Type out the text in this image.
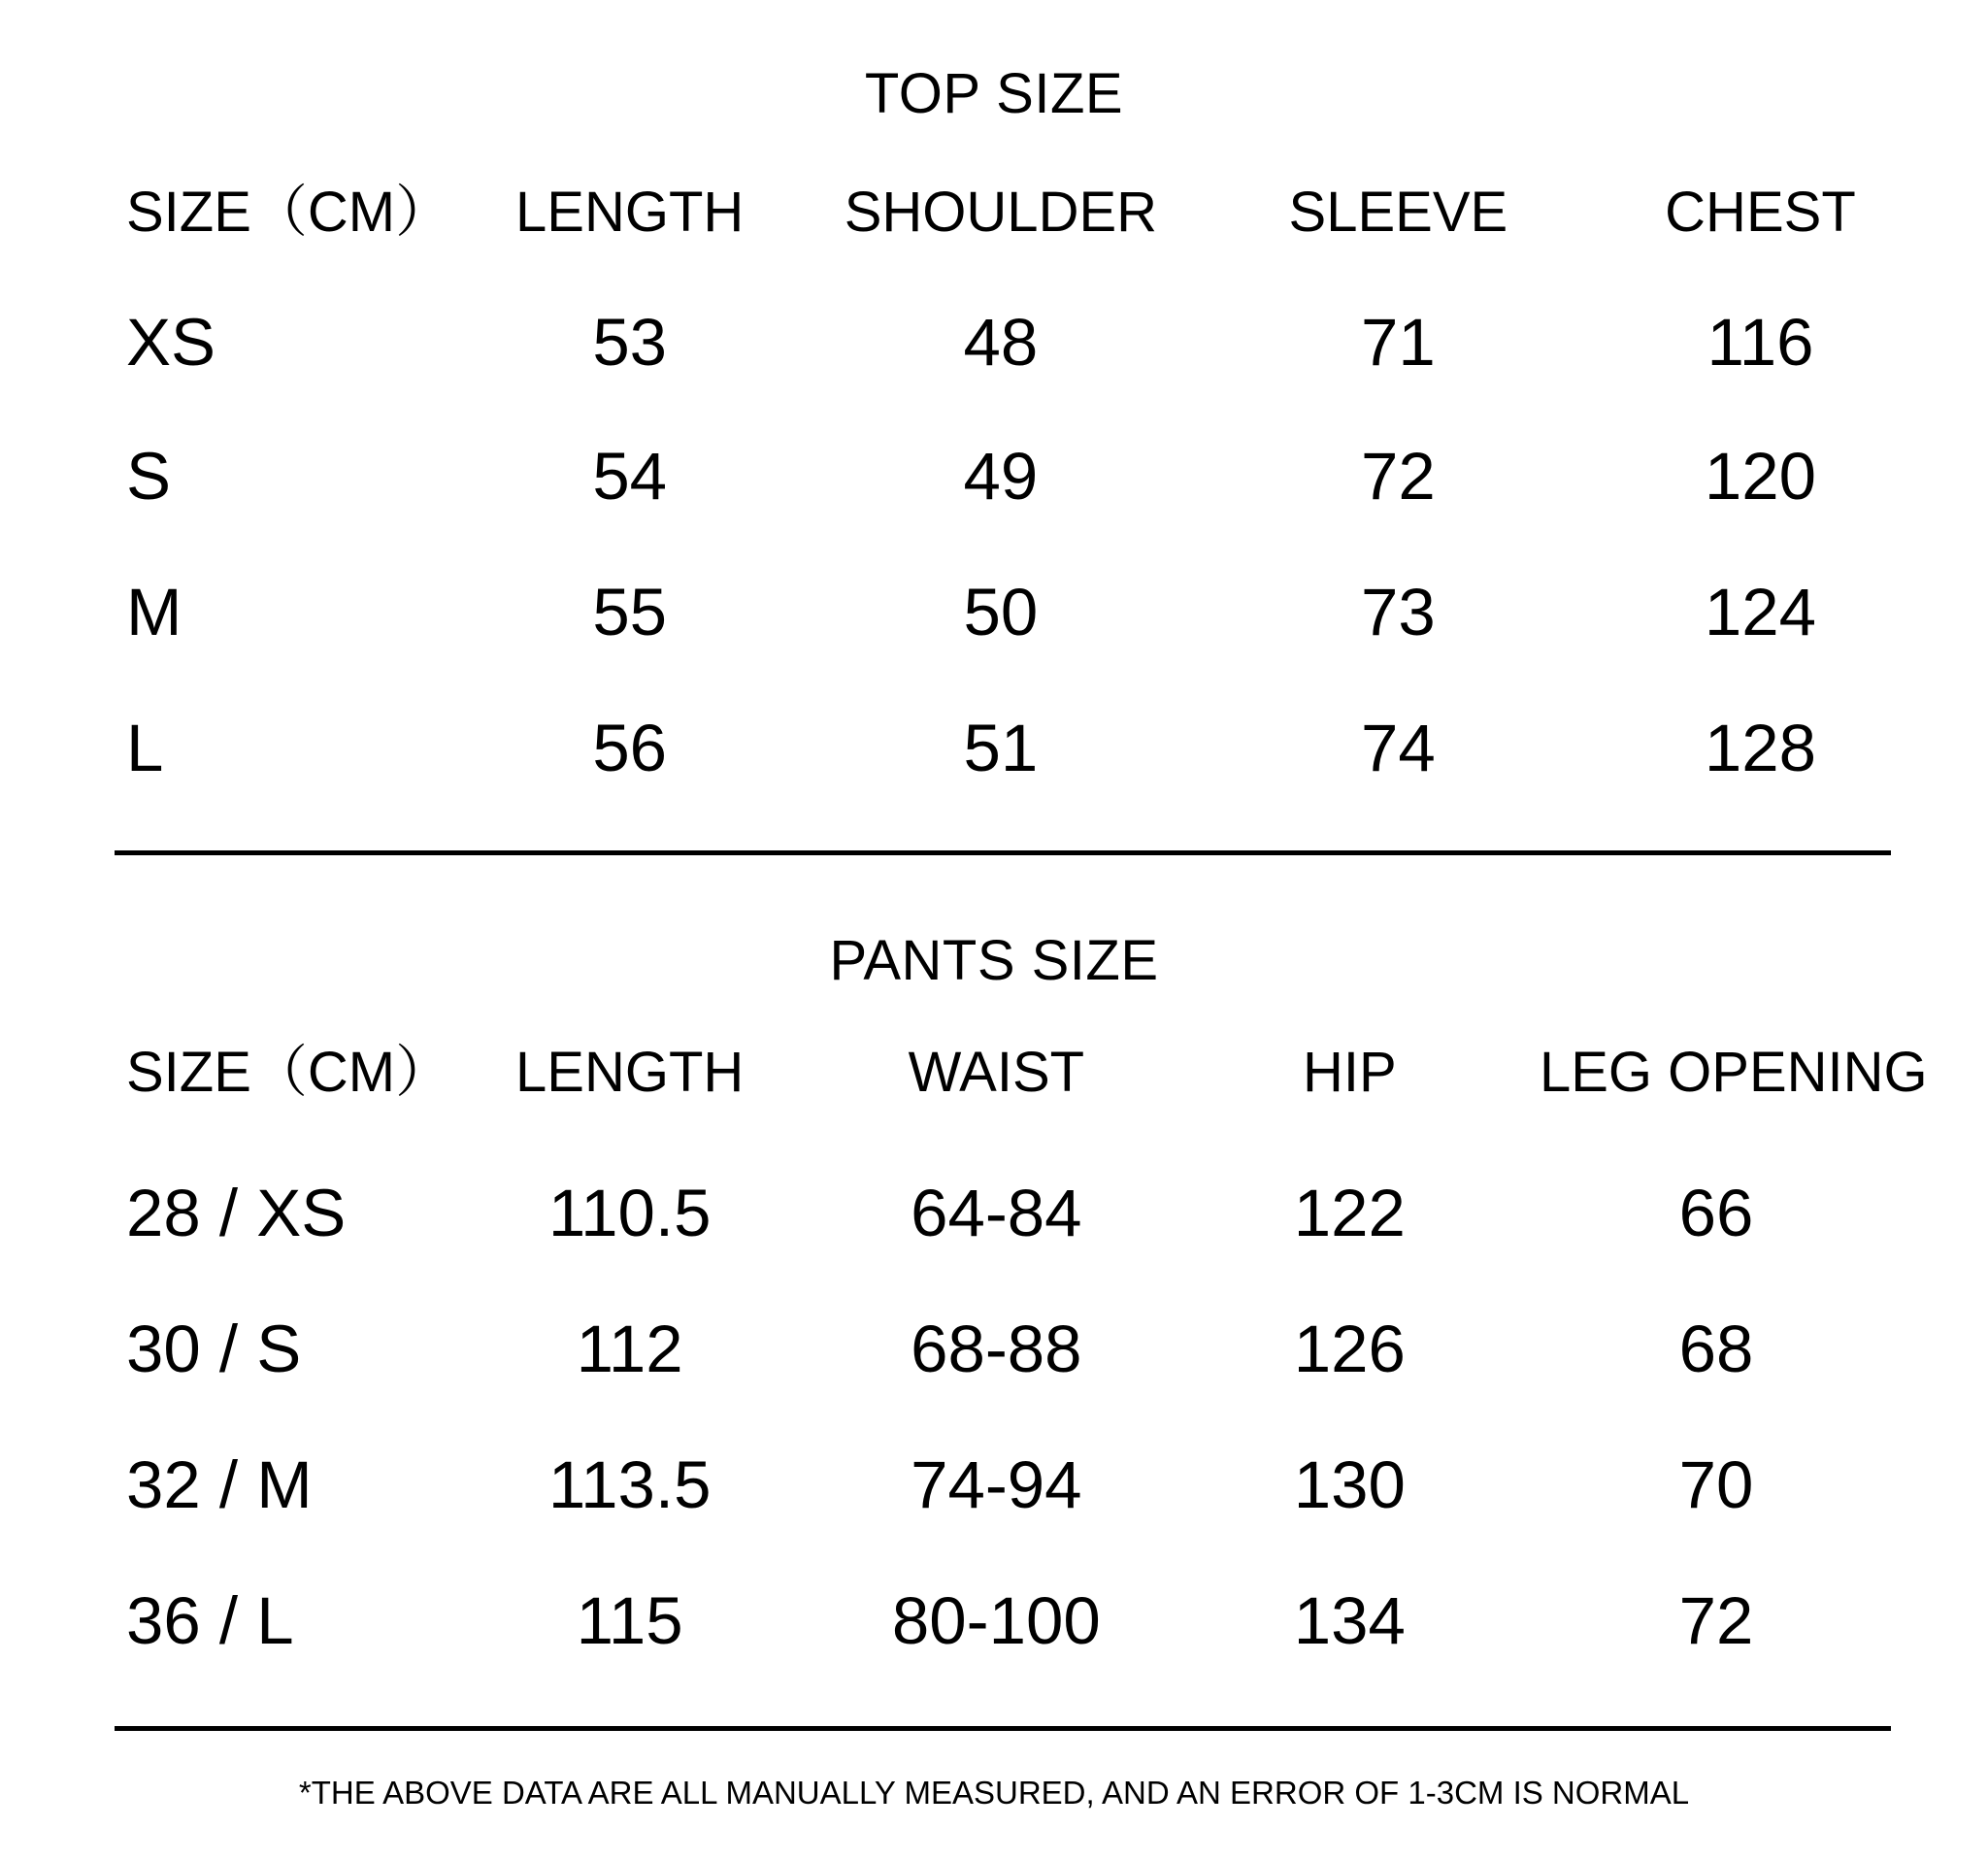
TOP SIZE
SIZE（CM）	LENGTH	SHOULDER	SLEEVE	CHEST
XS	53	48	71	116
S	54	49	72	120
M	55	50	73	124
L	56	51	74	128
PANTS SIZE
SIZE（CM）	LENGTH	WAIST	HIP	LEG OPENING
28 / XS	110.5	64-84	122	66
30 / S	112	68-88	126	68
32 / M	113.5	74-94	130	70
36 / L	115	80-100	134	72
*THE ABOVE DATA ARE ALL MANUALLY MEASURED, AND AN ERROR OF 1-3CM IS NORMAL
